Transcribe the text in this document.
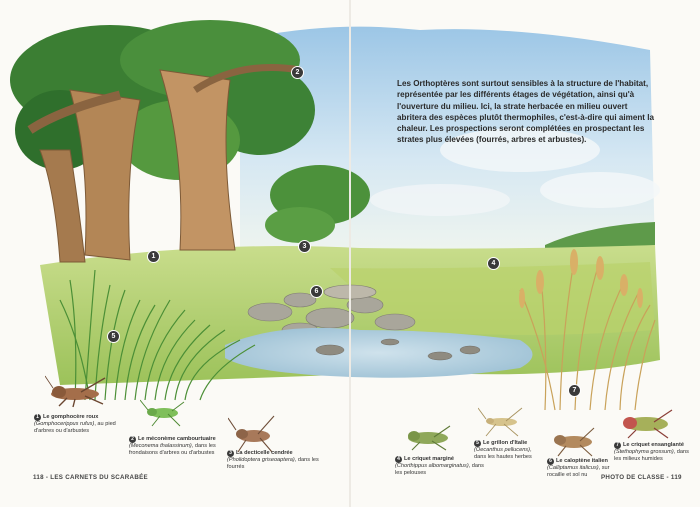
Les Orthoptères sont surtout sensibles à la structure de l'habitat, représentée par les différents étages de végétation, ainsi qu'à l'ouverture du milieu. Ici, la strate herbacée en milieu ouvert abritera des espèces plutôt thermophiles, c'est-à-dire qui aiment la chaleur. Les prospections seront complétées en prospectant les strates plus élevées (fourrés, arbres et arbustes).

1
2
3
4
5
6
7
1 Le gomphocère roux
(Gomphocerippus rufus), au pied d'arbres ou d'arbustes
2 Le méconème cambourtuaire
(Meconema thalassinum), dans les frondaisons d'arbres ou d'arbustes	3 La decticelle cendrée
(Pholidoptera griseoaptera), dans les fourrés
4 Le criquet marginé
(Chorthippus albomarginatus), dans les pelouses
5 Le grillon d'Italie
(Oecanthus pellucens), dans les hautes herbes
6 Le caloptène italien
(Calliptamus italicus), sur rocaille et sol nu
7 Le criquet ensanglanté
(Stethophyma grossum), dans les milieux humides
118 - LES CARNETS DU SCARABÉE	PHOTO DE CLASSE - 119
